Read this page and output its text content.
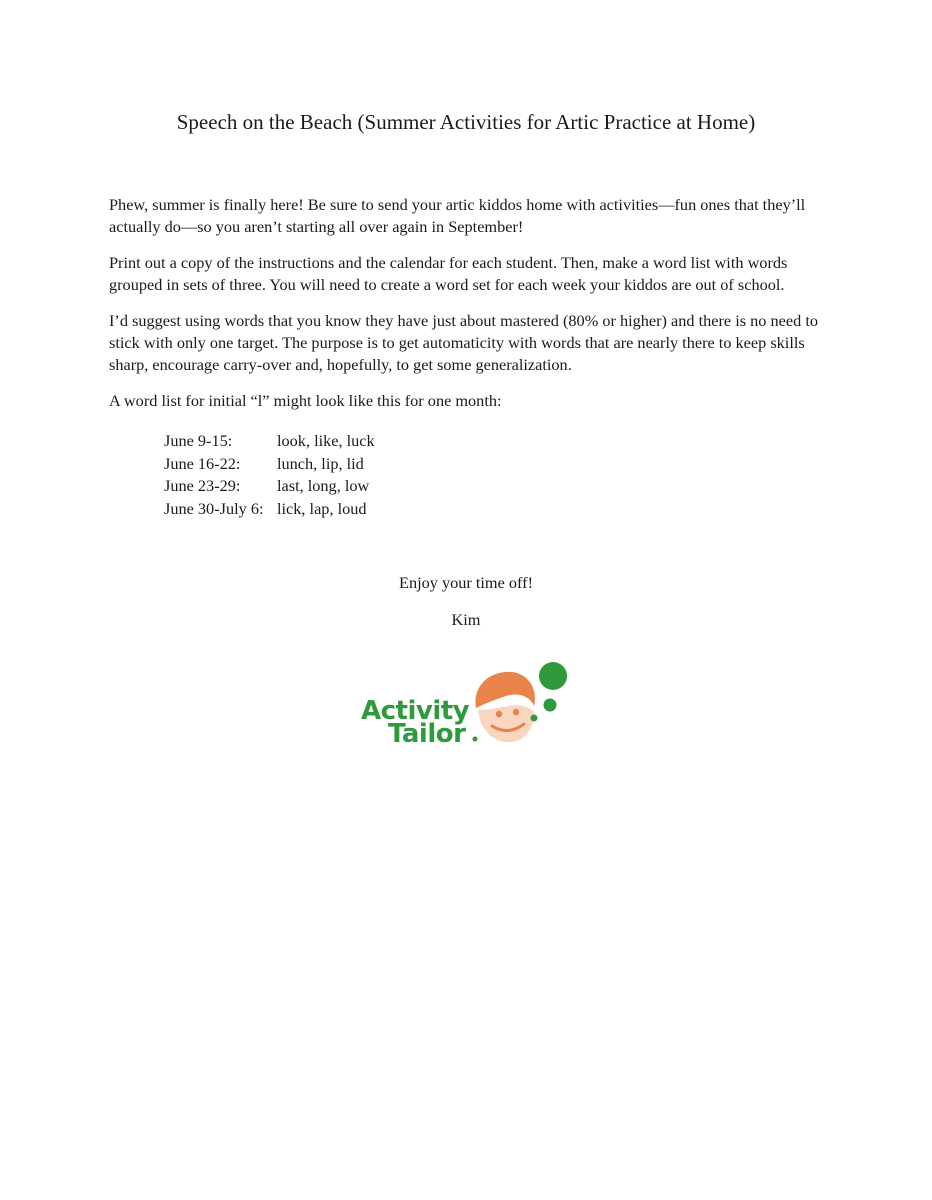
Speech on the Beach (Summer Activities for Artic Practice at Home)

Phew, summer is finally here! Be sure to send your artic kiddos home with activities—fun ones that they’ll actually do—so you aren’t starting all over again in September!

Print out a copy of the instructions and the calendar for each student. Then, make a word list with words grouped in sets of three. You will need to create a word set for each week your kiddos are out of school.

I’d suggest using words that you know they have just about mastered (80% or higher) and there is no need to stick with only one target. The purpose is to get automaticity with words that are nearly there to keep skills sharp, encourage carry-over and, hopefully, to get some generalization.

A word list for initial “l” might look like this for one month:

June 9-15:	look, like, luck
June 16-22:	lunch, lip, lid
June 23-29:	last, long, low
June 30-July 6: lick, lap, loud
Enjoy your time off!
Kim
Activity
Tailor
